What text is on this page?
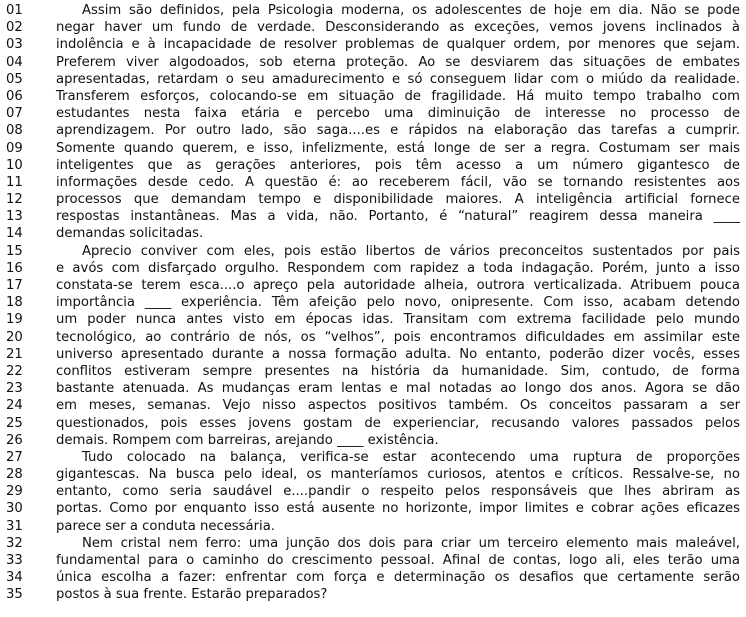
01	Assim são definidos, pela Psicologia moderna, os adolescentes de hoje em dia. Não se pode
02	negar haver um fundo de verdade. Desconsiderando as exceções, vemos jovens inclinados à
03	indolência e à incapacidade de resolver problemas de qualquer ordem, por menores que sejam.
04	Preferem viver algodoados, sob eterna proteção. Ao se desviarem das situações de embates
05	apresentadas, retardam o seu amadurecimento e só conseguem lidar com o miúdo da realidade.
06	Transferem esforços, colocando-se em situação de fragilidade. Há muito tempo trabalho com
07	estudantes nesta faixa etária e percebo uma diminuição de interesse no processo de
08	aprendizagem. Por outro lado, são saga....es e rápidos na elaboração das tarefas a cumprir.
09	Somente quando querem, e isso, infelizmente, está longe de ser a regra. Costumam ser mais
10	inteligentes que as gerações anteriores, pois têm acesso a um número gigantesco de
11	informações desde cedo. A questão é: ao receberem fácil, vão se tornando resistentes aos
12	processos que demandam tempo e disponibilidade maiores. A inteligência artificial fornece
13	respostas instantâneas. Mas a vida, não. Portanto, é “natural” reagirem dessa maneira ____
14	demandas solicitadas.
15	Aprecio conviver com eles, pois estão libertos de vários preconceitos sustentados por pais
16	e avós com disfarçado orgulho. Respondem com rapidez a toda indagação. Porém, junto a isso
17	constata-se terem esca....o apreço pela autoridade alheia, outrora verticalizada. Atribuem pouca
18	importância ____ experiência. Têm afeição pelo novo, onipresente. Com isso, acabam detendo
19	um poder nunca antes visto em épocas idas. Transitam com extrema facilidade pelo mundo
20	tecnológico, ao contrário de nós, os “velhos”, pois encontramos dificuldades em assimilar este
21	universo apresentado durante a nossa formação adulta. No entanto, poderão dizer vocês, esses
22	conflitos estiveram sempre presentes na história da humanidade. Sim, contudo, de forma
23	bastante atenuada. As mudanças eram lentas e mal notadas ao longo dos anos. Agora se dão
24	em meses, semanas. Vejo nisso aspectos positivos também. Os conceitos passaram a ser
25	questionados, pois esses jovens gostam de experienciar, recusando valores passados pelos
26	demais. Rompem com barreiras, arejando ____ existência.
27	Tudo colocado na balança, verifica-se estar acontecendo uma ruptura de proporções
28	gigantescas. Na busca pelo ideal, os manteríamos curiosos, atentos e críticos. Ressalve-se, no
29	entanto, como seria saudável e....pandir o respeito pelos responsáveis que lhes abriram as
30	portas. Como por enquanto isso está ausente no horizonte, impor limites e cobrar ações eficazes
31	parece ser a conduta necessária.
32	Nem cristal nem ferro: uma junção dos dois para criar um terceiro elemento mais maleável,
33	fundamental para o caminho do crescimento pessoal. Afinal de contas, logo ali, eles terão uma
34	única escolha a fazer: enfrentar com força e determinação os desafios que certamente serão
35	postos à sua frente. Estarão preparados?
